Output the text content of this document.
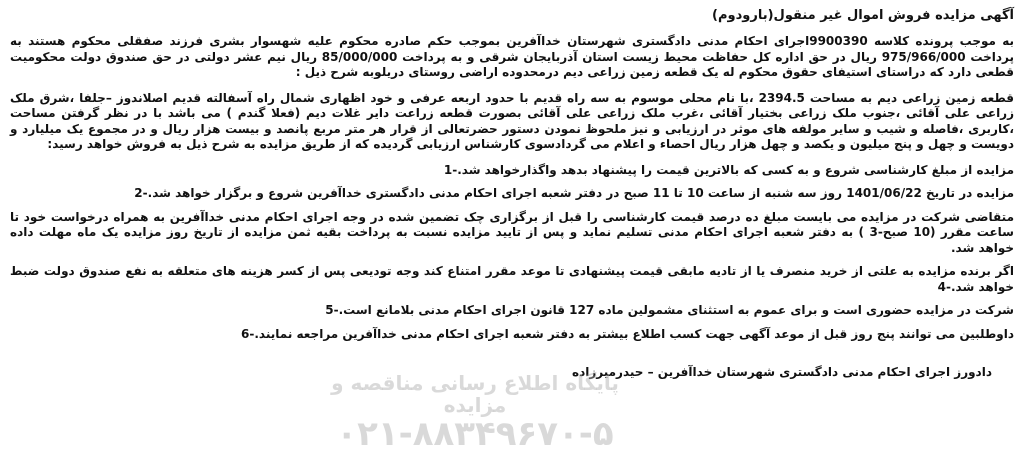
آگهی مزایده فروش اموال غیر منقول(بارودوم)
به موجب پرونده کلاسه 9900390اجرای احکام مدنی دادگستری شهرستان خداآفرین بموجب حکم صادره محکوم علیه شهسوار بشری فرزند صفقلی محکوم هستند به پرداخت 975/966/000 ریال در حق اداره کل حفاظت محیط زیست استان آذربایجان شرقی و به پرداخت 85/000/000 ریال نیم عشر دولتی در حق صندوق دولت محکومیت قطعی دارد که دراستای استیفای حقوق محکوم له یک قطعه زمین زراعی دیم درمحدوده اراضی روستای دریلوبه شرح ذیل :
قطعه زمین زراعی دیم به مساحت 2394.5 ،با نام محلی موسوم به سه راه قدیم با حدود اربعه عرفی و خود اظهاری شمال راه آسفالته قدیم اصلاندوز –جلفا ،شرق ملک زراعی علی آقائی ،جنوب ملک زراعی بختیار آقائی ،غرب ملک زراعی علی آقائی بصورت قطعه زراعت دایر غلات دیم (فعلا گندم ) می باشد با در نظر گرفتن مساحت ،کاربری ،فاصله و شیب و سایر مولفه های موثر در ارزیابی و نیز ملحوظ نمودن دستور حضرتعالی از قرار هر متر مربع پانصد و بیست هزار ریال و در مجموع یک میلیارد و دویست و چهل و پنج میلیون و یکصد و چهل هزار ریال احصاء و اعلام می گردادسوی کارشناس ارزیابی گردیده که از طریق مزایده به شرح ذیل به فروش خواهد رسید:
مزایده از مبلغ کارشناسی شروع و به کسی که بالاترین قیمت را پیشنهاد بدهد واگذارخواهد شد.-1
مزایده در تاریخ 1401/06/22 روز سه شنبه از ساعت 10 تا 11 صبح در دفتر شعبه اجرای احکام مدنی دادگستری خداآفرین شروع و برگزار خواهد شد.-2
متقاضی شرکت در مزایده می بایست مبلغ ده درصد قیمت کارشناسی را قبل از برگزاری چک تضمین شده در وجه اجرای احکام مدنی خداآفرین به همراه درخواست خود تا ساعت مقرر (10 صبح-3 ) به دفتر شعبه اجرای احکام مدنی تسلیم نماید و پس از تایید مزایده نسبت به پرداخت بقیه ثمن مزایده از تاریخ روز مزایده یک ماه مهلت داده خواهد شد.
اگر برنده مزایده به علتی از خرید منصرف یا از تادیه مابقی قیمت پیشنهادی تا موعد مقرر امتناع کند وجه تودیعی پس از کسر هزینه های متعلقه به نفع صندوق دولت ضبط خواهد شد.-4
شرکت در مزایده حضوری است و برای عموم به استثنای مشمولین ماده 127 قانون اجرای احکام مدنی بلامانع است.-5
داوطلبین می توانند پنج روز قبل از موعد آگهی جهت کسب اطلاع بیشتر به دفتر شعبه اجرای احکام مدنی خداآفرین مراجعه نمایند.-6
دادورز اجرای احکام مدنی دادگستری شهرستان خداآفرین – حیدرمیرزاده
پایگاه اطلاع رسانی مناقصه و مزایده
۰۲۱-۸۸۳۴۹۶۷۰-۵
